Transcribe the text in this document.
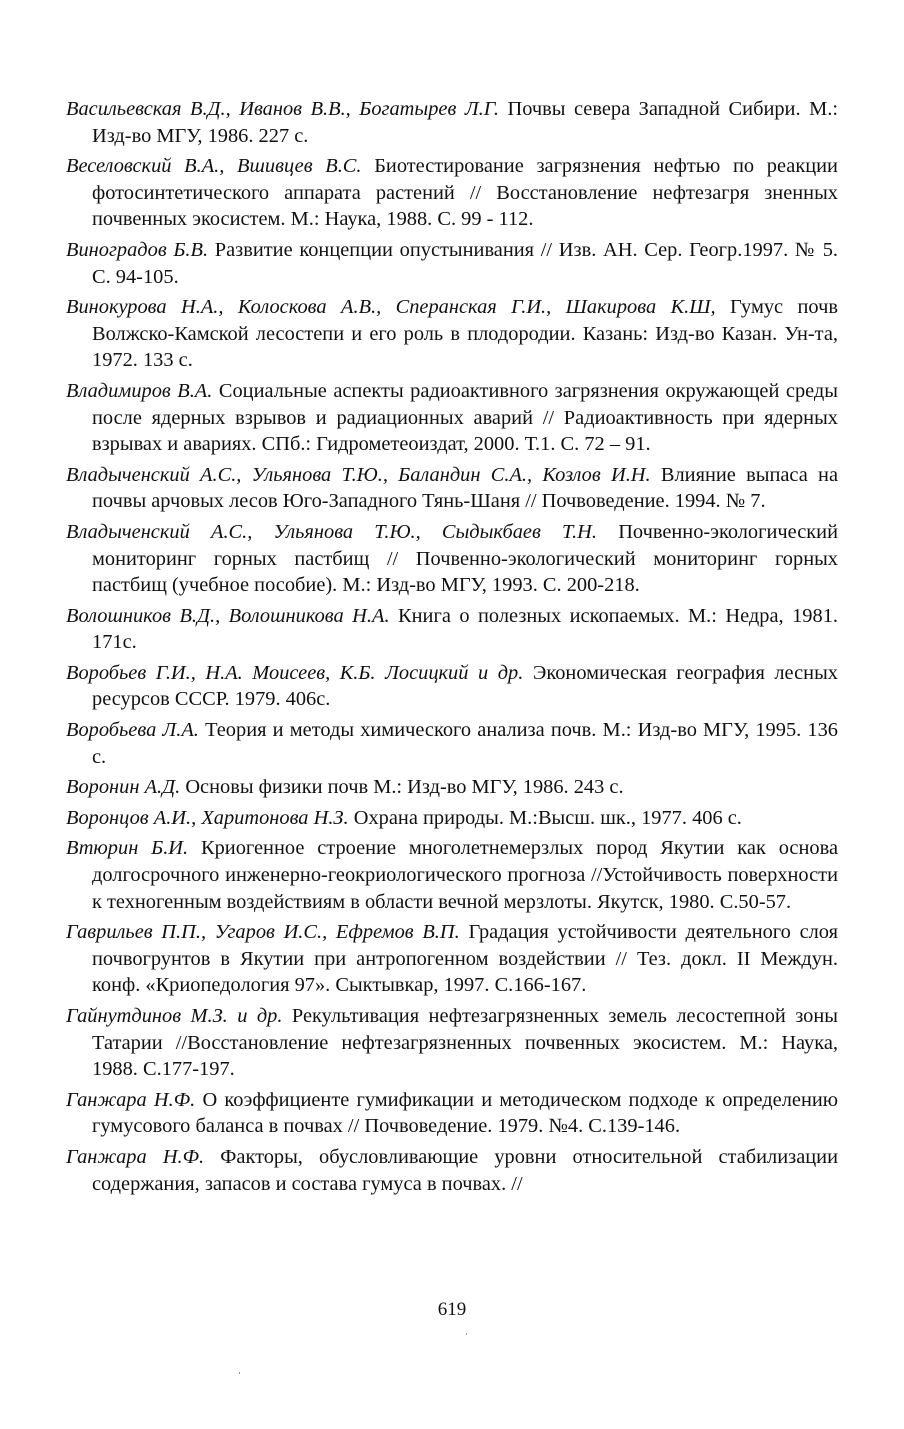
Васильевская В.Д., Иванов В.В., Богатырев Л.Г. Почвы севера Западной Сибири. М.: Изд-во МГУ, 1986. 227 с.
Веселовский В.А., Вшивцев В.С. Биотестирование загрязнения нефтью по реакции фотосинтетического аппарата растений // Восстановление нефтезагря зненных почвенных экосистем. М.: Наука, 1988. С. 99 - 112.
Виноградов Б.В. Развитие концепции опустынивания // Изв. АН. Сер. Геогр.1997. № 5. С. 94-105.
Винокурова Н.А., Колоскова А.В., Сперанская Г.И., Шакирова К.Ш, Гумус почв Волжско-Камской лесостепи и его роль в плодородии. Казань: Изд-во Казан. Ун-та, 1972. 133 с.
Владимиров В.А. Социальные аспекты радиоактивного загрязнения окружающей среды после ядерных взрывов и радиационных аварий // Радиоактивность при ядерных взрывах и авариях. СПб.: Гидрометеоиздат, 2000. Т.1. С. 72 – 91.
Владыченский А.С., Ульянова Т.Ю., Баландин С.А., Козлов И.Н. Влияние выпаса на почвы арчовых лесов Юго-Западного Тянь-Шаня // Почвоведение. 1994. № 7.
Владыченский А.С., Ульянова Т.Ю., Сыдыкбаев Т.Н. Почвенно-экологический мониторинг горных пастбищ // Почвенно-экологический мониторинг горных пастбищ (учебное пособие). М.: Изд-во МГУ, 1993. С. 200-218.
Волошников В.Д., Волошникова Н.А. Книга о полезных ископаемых. М.: Недра, 1981. 171с.
Воробьев Г.И., Н.А. Моисеев, К.Б. Лосицкий и др. Экономическая география лесных ресурсов СССР. 1979. 406с.
Воробьева Л.А. Теория и методы химического анализа почв. М.: Изд-во МГУ, 1995. 136 с.
Воронин А.Д. Основы физики почв М.: Изд-во МГУ, 1986. 243 с.
Воронцов А.И., Харитонова Н.З. Охрана природы. М.:Высш. шк., 1977. 406 с.
Втюрин Б.И. Криогенное строение многолетнемерзлых пород Якутии как основа долгосрочного инженерно-геокриологического прогноза //Устойчивость поверхности к техногенным воздействиям в области вечной мерзлоты. Якутск, 1980. С.50-57.
Гаврильев П.П., Угаров И.С., Ефремов В.П. Градация устойчивости деятельного слоя почвогрунтов в Якутии при антропогенном воздействии // Тез. докл. II Междун. конф. «Криопедология 97». Сыктывкар, 1997. С.166-167.
Гайнутдинов М.З. и др. Рекультивация нефтезагрязненных земель лесостепной зоны Татарии //Восстановление нефтезагрязненных почвенных экосистем. М.: Наука, 1988. С.177-197.
Ганжара Н.Ф. О коэффициенте гумификации и методическом подходе к определению гумусового баланса в почвах // Почвоведение. 1979. №4. С.139-146.
Ганжара Н.Ф. Факторы, обусловливающие уровни относительной стабилизации содержания, запасов и состава гумуса в почвах. //
619
